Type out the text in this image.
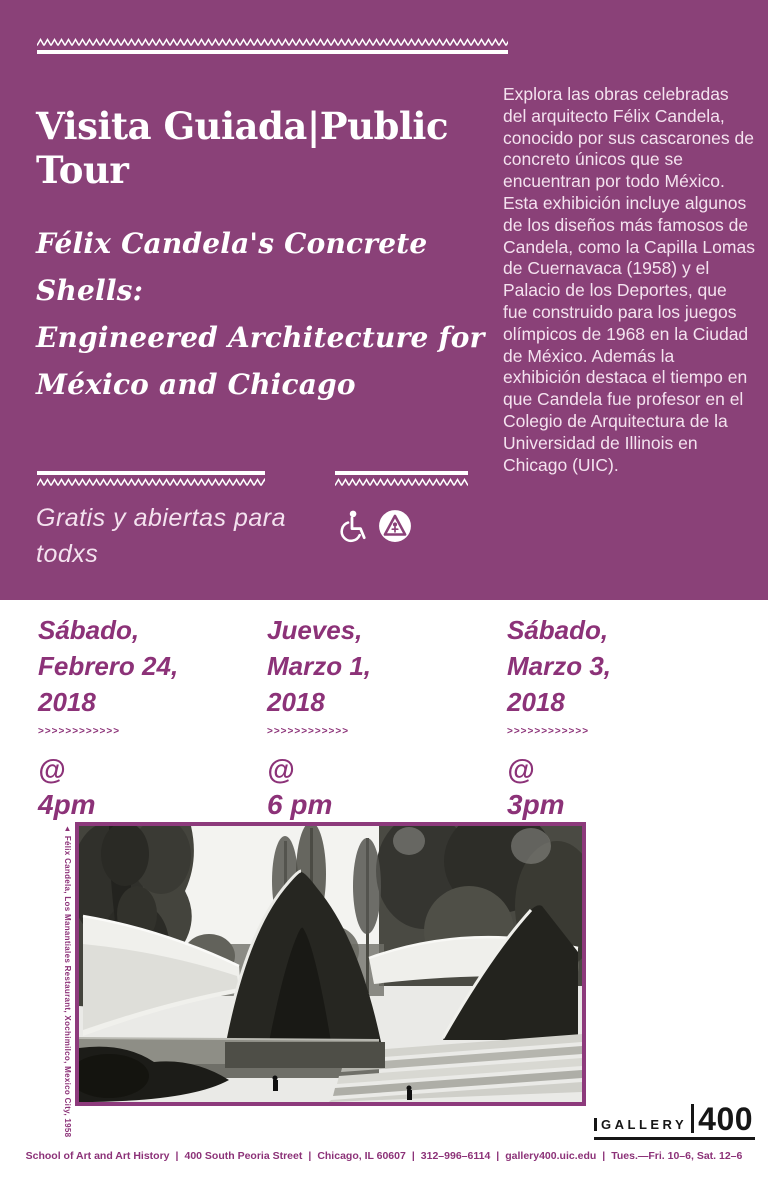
Visita Guiada|Public Tour
Félix Candela's Concrete Shells:
Engineered Architecture for
México and Chicago
Explora las obras celebradas del arquitecto Félix Candela, conocido por sus cascarones de concreto únicos que se encuentran por todo México. Esta exhibición incluye algunos de los diseños más famosos de Candela, como la Capilla Lomas de Cuernavaca (1958) y el Palacio de los Deportes, que fue construido para los juegos olímpicos de 1968 en la Ciudad de México. Además la exhibición destaca el tiempo en que Candela fue profesor en el Colegio de Arquitectura de la Universidad de Illinois en Chicago (UIC).
Gratis y abiertas para todxs
Sábado,
Febrero 24,
2018
>>>>>>>>>>>>
@
4pm
Jueves,
Marzo 1,
2018
>>>>>>>>>>>>
@
6 pm
Sábado,
Marzo 3,
2018
>>>>>>>>>>>>
@
3pm
▲ Félix Candela, Los Manantiales Restaurant, Xochimilco, Mexico City, 1958	GALLERY 400
School of Art and Art History | 400 South Peoria Street | Chicago, IL 60607 | 312–996–6114 | gallery400.uic.edu | Tues.—Fri. 10–6, Sat. 12–6
